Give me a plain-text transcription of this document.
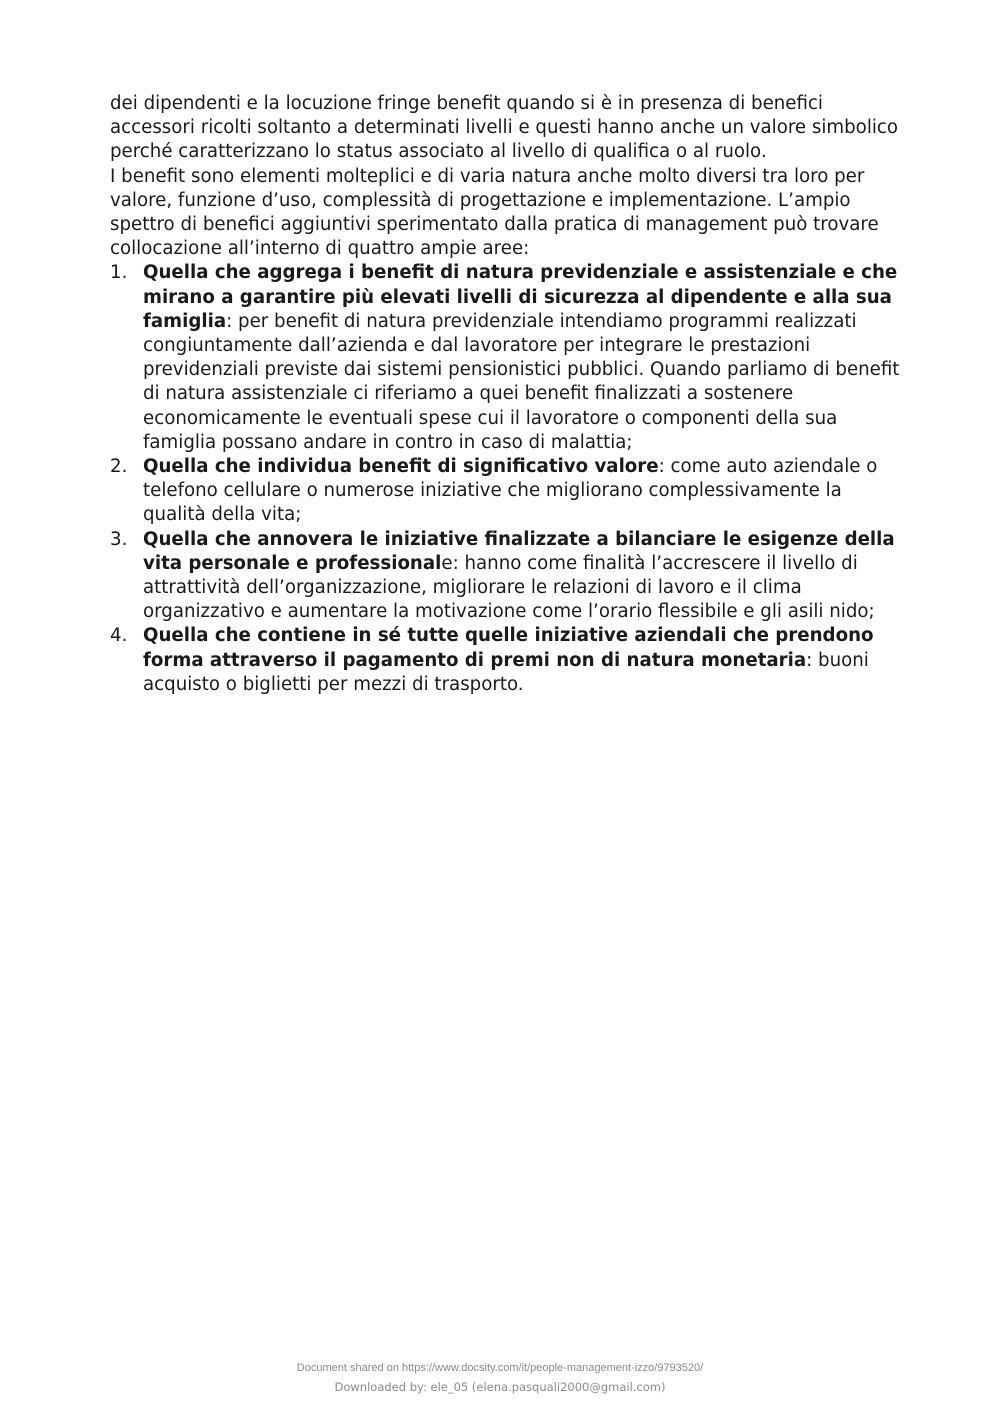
dei dipendenti e la locuzione fringe benefit quando si è in presenza di benefici accessori ricolti soltanto a determinati livelli e questi hanno anche un valore simbolico perché caratterizzano lo status associato al livello di qualifica o al ruolo.

I benefit sono elementi molteplici e di varia natura anche molto diversi tra loro per valore, funzione d’uso, complessità di progettazione e implementazione. L’ampio spettro di benefici aggiuntivi sperimentato dalla pratica di management può trovare collocazione all’interno di quattro ampie aree:

1. Quella che aggrega i benefit di natura previdenziale e assistenziale e che mirano a garantire più elevati livelli di sicurezza al dipendente e alla sua famiglia: per benefit di natura previdenziale intendiamo programmi realizzati congiuntamente dall’azienda e dal lavoratore per integrare le prestazioni previdenziali previste dai sistemi pensionistici pubblici. Quando parliamo di benefit di natura assistenziale ci riferiamo a quei benefit finalizzati a sostenere economicamente le eventuali spese cui il lavoratore o componenti della sua famiglia possano andare in contro in caso di malattia;
2. Quella che individua benefit di significativo valore: come auto aziendale o telefono cellulare o numerose iniziative che migliorano complessivamente la qualità della vita;
3. Quella che annovera le iniziative finalizzate a bilanciare le esigenze della vita personale e professionale: hanno come finalità l’accrescere il livello di attrattività dell’organizzazione, migliorare le relazioni di lavoro e il clima organizzativo e aumentare la motivazione come l’orario flessibile e gli asili nido;
4. Quella che contiene in sé tutte quelle iniziative aziendali che prendono forma attraverso il pagamento di premi non di natura monetaria: buoni acquisto o biglietti per mezzi di trasporto.
Document shared on https://www.docsity.com/it/people-management-izzo/9793520/
Downloaded by: ele_05 (elena.pasquali2000@gmail.com)
